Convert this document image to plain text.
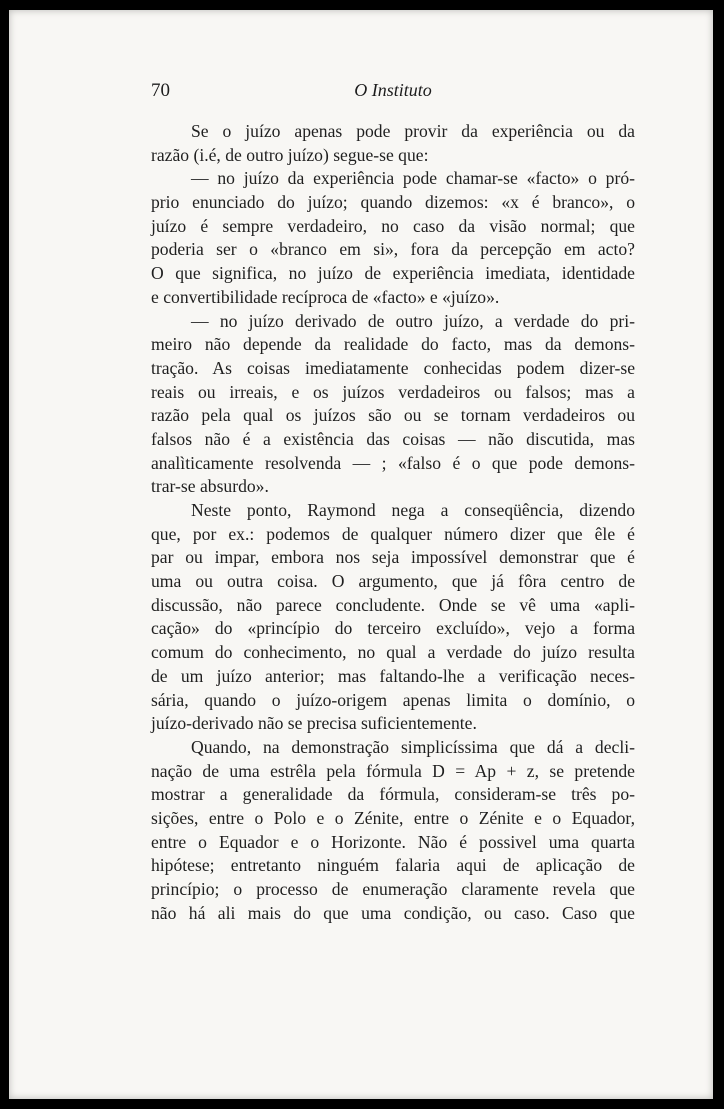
70	O Instituto
Se o juízo apenas pode provir da experiência ou da
razão (i.é, de outro juízo) segue-se que:
— no juízo da experiência pode chamar-se «facto» o pró-
prio enunciado do juízo; quando dizemos: «x é branco», o
juízo é sempre verdadeiro, no caso da visão normal; que
poderia ser o «branco em si», fora da percepção em acto?
O que significa, no juízo de experiência imediata, identidade
e convertibilidade recíproca de «facto» e «juízo».
— no juízo derivado de outro juízo, a verdade do pri-
meiro não depende da realidade do facto, mas da demons-
tração. As coisas imediatamente conhecidas podem dizer-se
reais ou irreais, e os juízos verdadeiros ou falsos; mas a
razão pela qual os juízos são ou se tornam verdadeiros ou
falsos não é a existência das coisas — não discutida, mas
analìticamente resolvenda — ; «falso é o que pode demons-
trar-se absurdo».
Neste ponto, Raymond nega a conseqüência, dizendo
que, por ex.: podemos de qualquer número dizer que êle é
par ou impar, embora nos seja impossível demonstrar que é
uma ou outra coisa. O argumento, que já fôra centro de
discussão, não parece concludente. Onde se vê uma «apli-
cação» do «princípio do terceiro excluído», vejo a forma
comum do conhecimento, no qual a verdade do juízo resulta
de um juízo anterior; mas faltando-lhe a verificação neces-
sária, quando o juízo-origem apenas limita o domínio, o
juízo-derivado não se precisa suficientemente.
Quando, na demonstração simplicíssima que dá a decli-
nação de uma estrêla pela fórmula D = Ap + z, se pretende
mostrar a generalidade da fórmula, consideram-se três po-
sições, entre o Polo e o Zénite, entre o Zénite e o Equador,
entre o Equador e o Horizonte. Não é possivel uma quarta
hipótese; entretanto ninguém falaria aqui de aplicação de
princípio; o processo de enumeração claramente revela que
não há ali mais do que uma condição, ou caso. Caso que
